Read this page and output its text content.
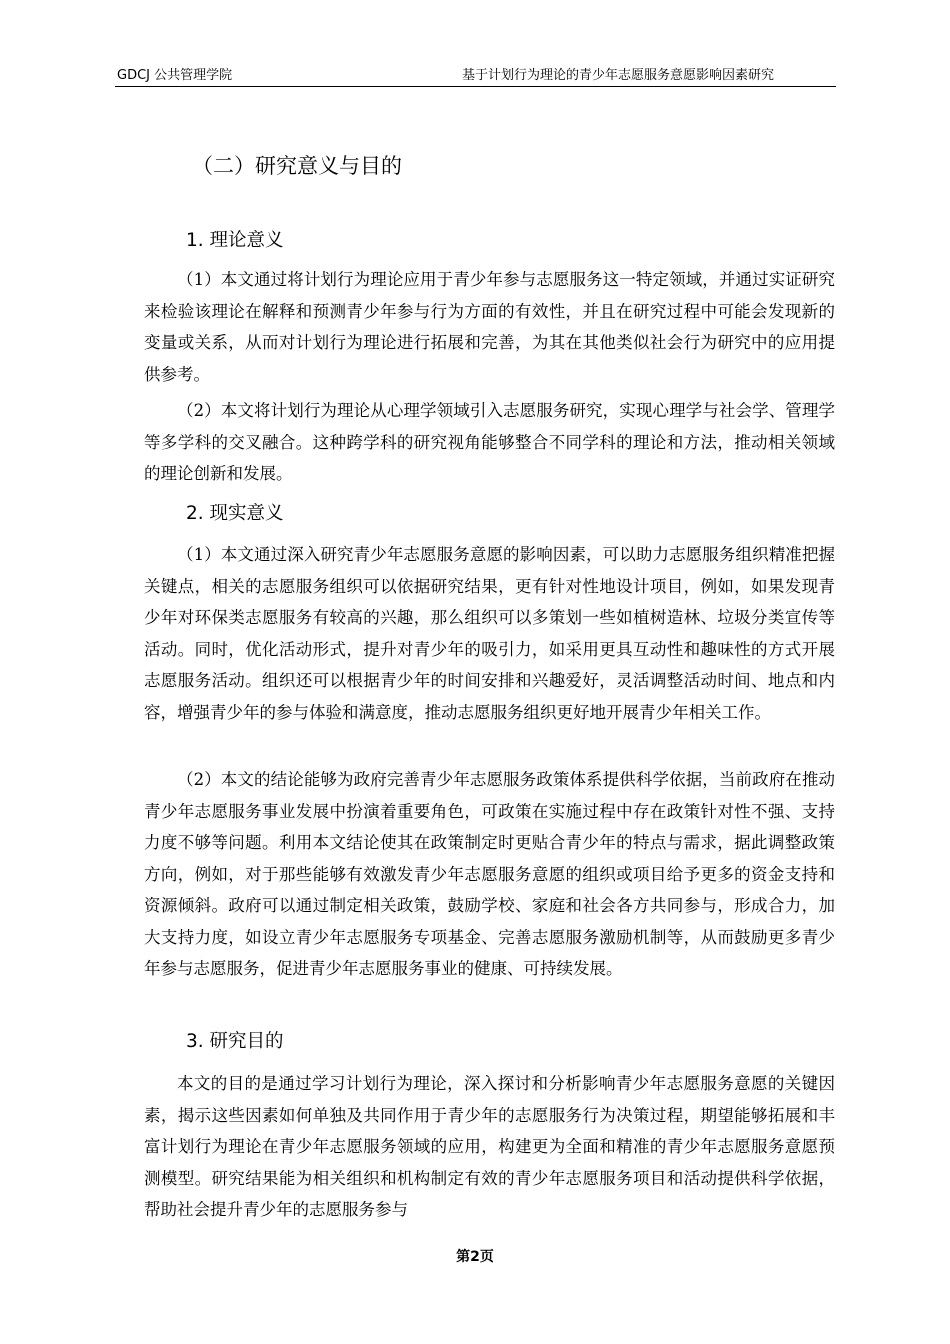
GDCJ 公共管理学院	基于计划行为理论的青少年志愿服务意愿影响因素研究
（二）研究意义与目的
1. 理论意义

（1）本文通过将计划行为理论应用于青少年参与志愿服务这一特定领域，并通过实证研究来检验该理论在解释和预测青少年参与行为方面的有效性，并且在研究过程中可能会发现新的变量或关系，从而对计划行为理论进行拓展和完善，为其在其他类似社会行为研究中的应用提供参考。

（2）本文将计划行为理论从心理学领域引入志愿服务研究，实现心理学与社会学、管理学等多学科的交叉融合。这种跨学科的研究视角能够整合不同学科的理论和方法，推动相关领域的理论创新和发展。

2. 现实意义

（1）本文通过深入研究青少年志愿服务意愿的影响因素，可以助力志愿服务组织精准把握关键点，相关的志愿服务组织可以依据研究结果，更有针对性地设计项目，例如，如果发现青少年对环保类志愿服务有较高的兴趣，那么组织可以多策划一些如植树造林、垃圾分类宣传等活动。同时，优化活动形式，提升对青少年的吸引力，如采用更具互动性和趣味性的方式开展志愿服务活动。组织还可以根据青少年的时间安排和兴趣爱好，灵活调整活动时间、地点和内容，增强青少年的参与体验和满意度，推动志愿服务组织更好地开展青少年相关工作。

（2）本文的结论能够为政府完善青少年志愿服务政策体系提供科学依据，当前政府在推动青少年志愿服务事业发展中扮演着重要角色，可政策在实施过程中存在政策针对性不强、支持力度不够等问题。利用本文结论使其在政策制定时更贴合青少年的特点与需求，据此调整政策方向，例如，对于那些能够有效激发青少年志愿服务意愿的组织或项目给予更多的资金支持和资源倾斜。政府可以通过制定相关政策，鼓励学校、家庭和社会各方共同参与，形成合力，加大支持力度，如设立青少年志愿服务专项基金、完善志愿服务激励机制等，从而鼓励更多青少年参与志愿服务，促进青少年志愿服务事业的健康、可持续发展。

3. 研究目的

本文的目的是通过学习计划行为理论，深入探讨和分析影响青少年志愿服务意愿的关键因素，揭示这些因素如何单独及共同作用于青少年的志愿服务行为决策过程，期望能够拓展和丰富计划行为理论在青少年志愿服务领域的应用，构建更为全面和精准的青少年志愿服务意愿预测模型。研究结果能为相关组织和机构制定有效的青少年志愿服务项目和活动提供科学依据，帮助社会提升青少年的志愿服务参与

第2页
